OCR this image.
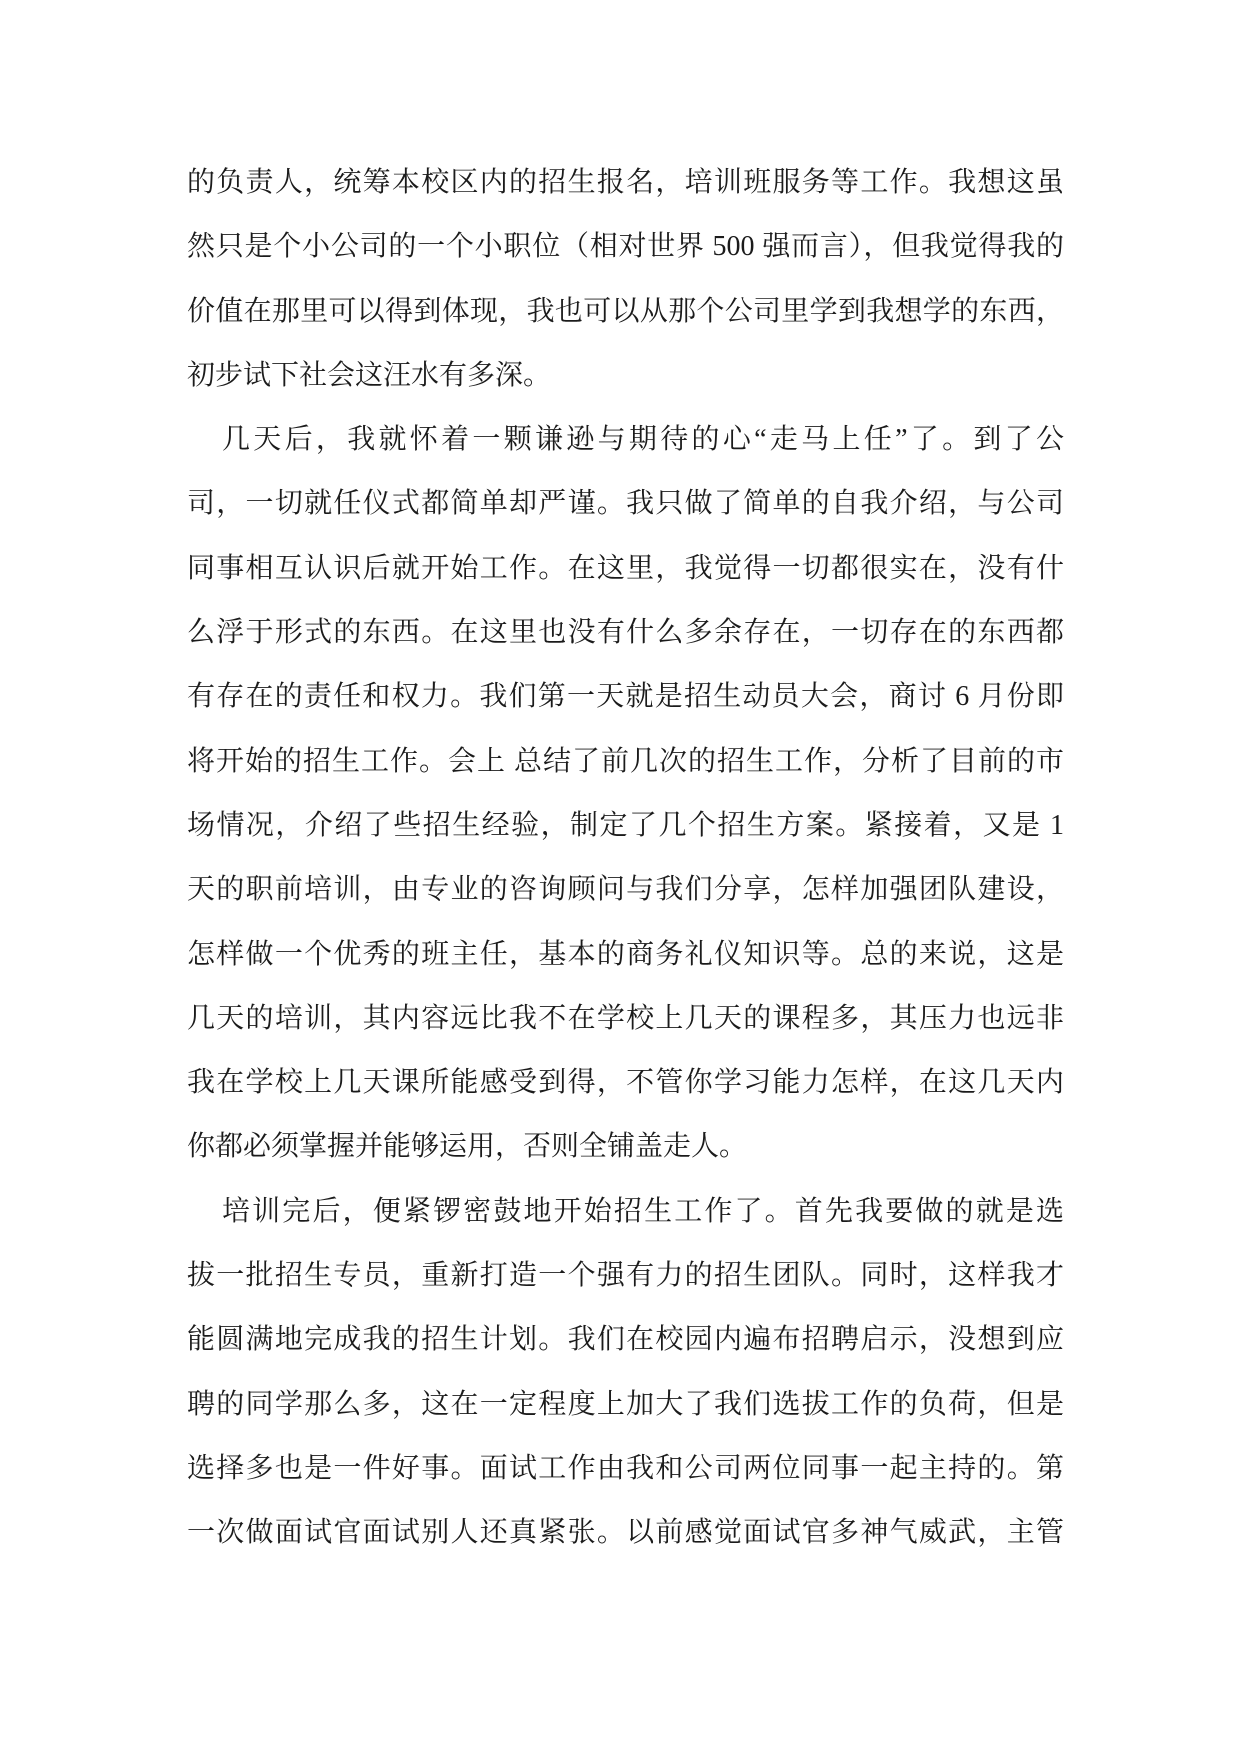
的负责人，统筹本校区内的招生报名，培训班服务等工作。我想这虽
然只是个小公司的一个小职位（相对世界 500 强而言），但我觉得我的
价值在那里可以得到体现，我也可以从那个公司里学到我想学的东西，
初步试下社会这汪水有多深。
几天后，我就怀着一颗谦逊与期待的心“走马上任”了。到了公
司，一切就任仪式都简单却严谨。我只做了简单的自我介绍，与公司
同事相互认识后就开始工作。在这里，我觉得一切都很实在，没有什
么浮于形式的东西。在这里也没有什么多余存在，一切存在的东西都
有存在的责任和权力。我们第一天就是招生动员大会，商讨 6 月份即
将开始的招生工作。会上 总结了前几次的招生工作，分析了目前的市
场情况，介绍了些招生经验，制定了几个招生方案。紧接着，又是 1
天的职前培训，由专业的咨询顾问与我们分享，怎样加强团队建设，
怎样做一个优秀的班主任，基本的商务礼仪知识等。总的来说，这是
几天的培训，其内容远比我不在学校上几天的课程多，其压力也远非
我在学校上几天课所能感受到得，不管你学习能力怎样，在这几天内
你都必须掌握并能够运用，否则全铺盖走人。
培训完后，便紧锣密鼓地开始招生工作了。首先我要做的就是选
拔一批招生专员，重新打造一个强有力的招生团队。同时，这样我才
能圆满地完成我的招生计划。我们在校园内遍布招聘启示，没想到应
聘的同学那么多，这在一定程度上加大了我们选拔工作的负荷，但是
选择多也是一件好事。面试工作由我和公司两位同事一起主持的。第
一次做面试官面试别人还真紧张。以前感觉面试官多神气威武，主管
